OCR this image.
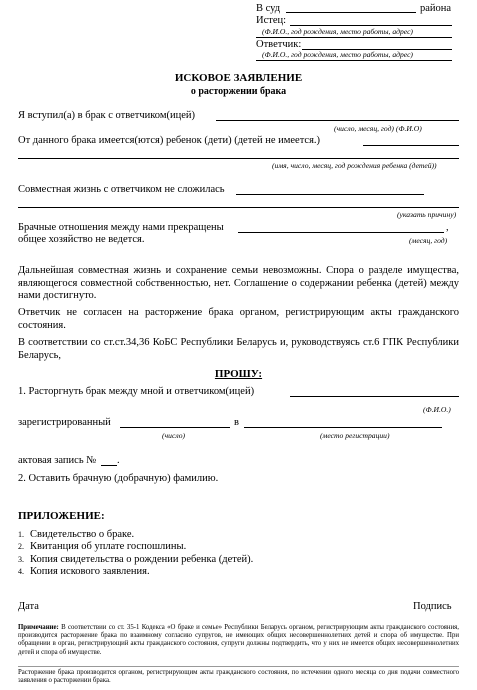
В суд	района
Истец:
(Ф.И.О., год рождения, место работы, адрес)
Ответчик:
(Ф.И.О., год рождения, место работы, адрес)
ИСКОВОЕ ЗАЯВЛЕНИЕ
о расторжении брака
Я вступил(а) в брак с ответчиком(ицей)
(число, месяц, год) (Ф.И.О)
От данного брака имеется(ются) ребенок (дети) (детей не имеется.)
(имя, число, месяц, год рождения ребенка (детей))
Совместная жизнь с ответчиком не сложилась
(указать причину)
Брачные отношения между нами прекращены	,
общее хозяйство не ведется.	(месяц, год)
Дальнейшая совместная жизнь и сохранение семьи невозможны. Спора о разделе имущества, являющегося совместной собственностью, нет. Соглашение о содержании ребенка (детей) между нами достигнуто.
Ответчик не согласен на расторжение брака органом, регистрирующим акты гражданского состояния.
В соответствии со ст.ст.34,36 КоБС Республики Беларусь и, руководствуясь ст.6 ГПК Республики Беларусь,
ПРОШУ:
1. Расторгнуть брак между мной и ответчиком(ицей)
(Ф.И.О.)
зарегистрированный	в
(число)	(место регистрации)
актовая запись № .
2. Оставить брачную (добрачную) фамилию.
ПРИЛОЖЕНИЕ:
1. Свидетельство о браке.
2. Квитанция об уплате госпошлины.
3. Копия свидетельства о рождении ребенка (детей).
4. Копия искового заявления.
Дата	Подпись
Примечание: В соответствии со ст. 35-1 Кодекса «О браке и семье» Республики Беларусь органом, регистрирующим акты гражданского состояния, производится расторжение брака по взаимному согласию супругов, не имеющих общих несовершеннолетних детей и спора об имуществе. При обращении в орган, регистрирующий акты гражданского состояния, супруги должны подтвердить, что у них не имеется общих несовершеннолетних детей и спора об имуществе.
Расторжение брака производится органом, регистрирующим акты гражданского состояния, по истечении одного месяца со дня подачи совместного заявления о расторжении брака.
